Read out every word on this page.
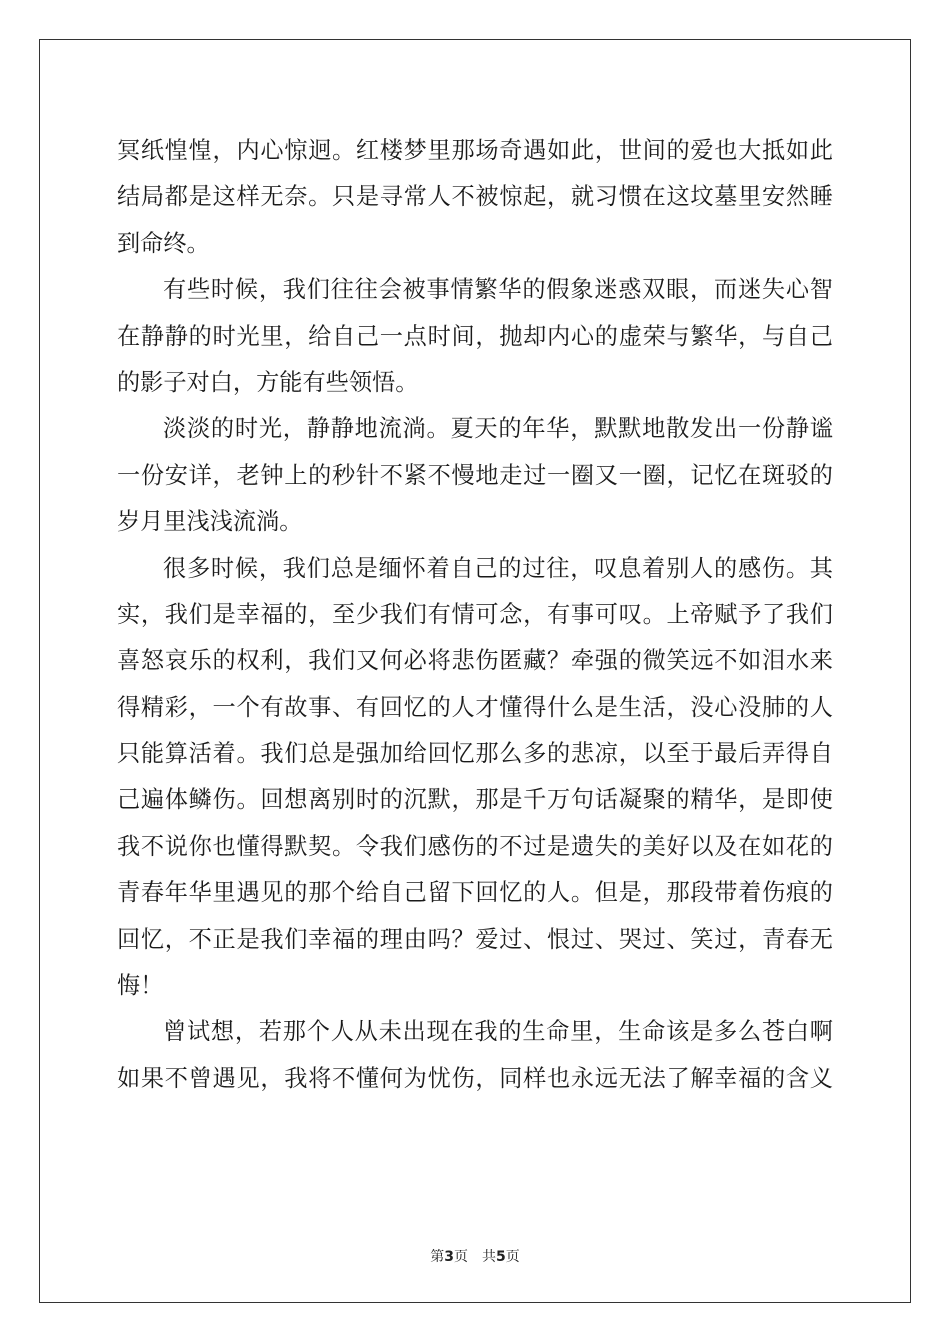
冥纸惶惶，内心惊迥。红楼梦里那场奇遇如此，世间的爱也大抵如此
结局都是这样无奈。只是寻常人不被惊起，就习惯在这坟墓里安然睡
到命终。
有些时候，我们往往会被事情繁华的假象迷惑双眼，而迷失心智
在静静的时光里，给自己一点时间，抛却内心的虚荣与繁华，与自己
的影子对白，方能有些领悟。
淡淡的时光，静静地流淌。夏天的年华，默默地散发出一份静谧
一份安详，老钟上的秒针不紧不慢地走过一圈又一圈，记忆在斑驳的
岁月里浅浅流淌。
很多时候，我们总是缅怀着自己的过往，叹息着别人的感伤。其
实，我们是幸福的，至少我们有情可念，有事可叹。上帝赋予了我们
喜怒哀乐的权利，我们又何必将悲伤匿藏？牵强的微笑远不如泪水来
得精彩，一个有故事、有回忆的人才懂得什么是生活，没心没肺的人
只能算活着。我们总是强加给回忆那么多的悲凉，以至于最后弄得自
己遍体鳞伤。回想离别时的沉默，那是千万句话凝聚的精华，是即使
我不说你也懂得默契。令我们感伤的不过是遗失的美好以及在如花的
青春年华里遇见的那个给自己留下回忆的人。但是，那段带着伤痕的
回忆，不正是我们幸福的理由吗？爱过、恨过、哭过、笑过，青春无
悔！
曾试想，若那个人从未出现在我的生命里，生命该是多么苍白啊
如果不曾遇见，我将不懂何为忧伤，同样也永远无法了解幸福的含义
第3页　共5页
